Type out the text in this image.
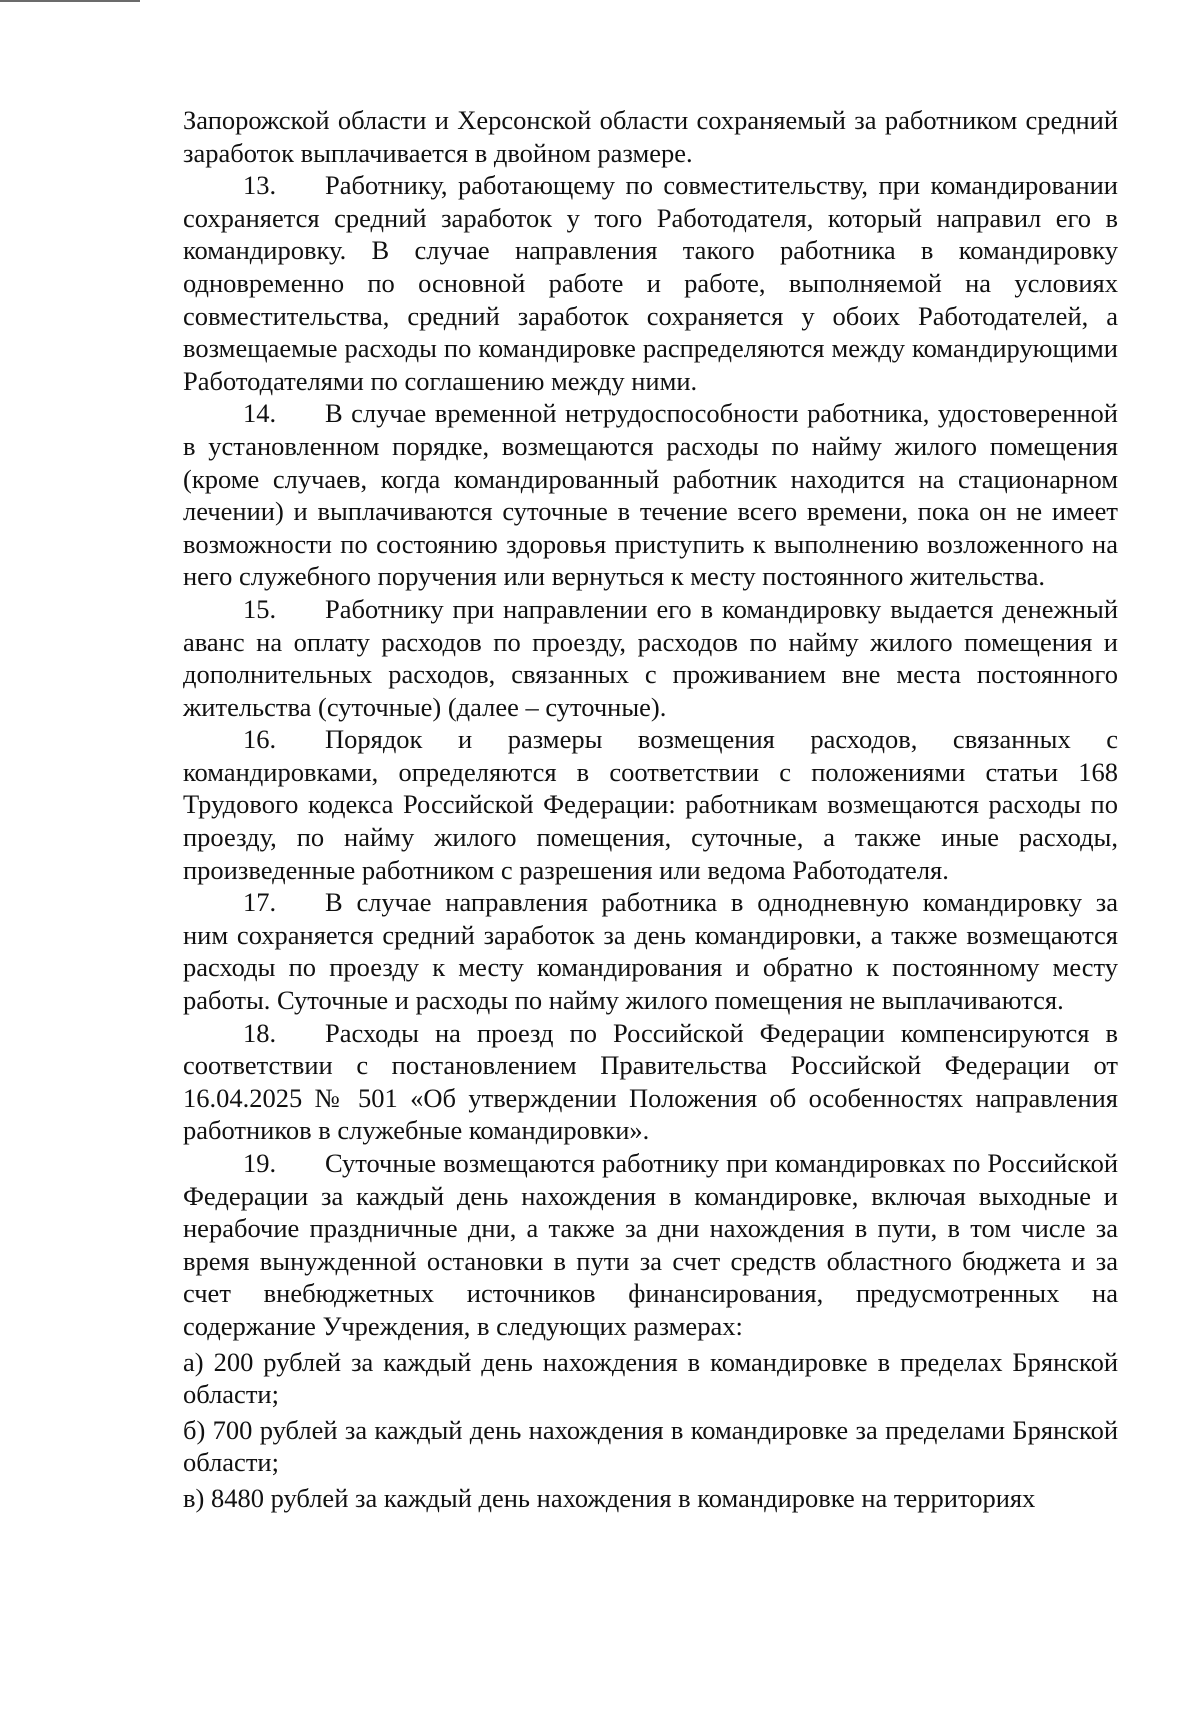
Запорожской области и Херсонской области сохраняемый за работником средний заработок выплачивается в двойном размере.

13. Работнику, работающему по совместительству, при командировании сохраняется средний заработок у того Работодателя, который направил его в командировку. В случае направления такого работника в командировку одновременно по основной работе и работе, выполняемой на условиях совместительства, средний заработок сохраняется у обоих Работодателей, а возмещаемые расходы по командировке распределяются между командирующими Работодателями по соглашению между ними.

14. В случае временной нетрудоспособности работника, удостоверенной в установленном порядке, возмещаются расходы по найму жилого помещения (кроме случаев, когда командированный работник находится на стационарном лечении) и выплачиваются суточные в течение всего времени, пока он не имеет возможности по состоянию здоровья приступить к выполнению возложенного на него служебного поручения или вернуться к месту постоянного жительства.

15. Работнику при направлении его в командировку выдается денежный аванс на оплату расходов по проезду, расходов по найму жилого помещения и дополнительных расходов, связанных с проживанием вне места постоянного жительства (суточные) (далее – суточные).

16. Порядок и размеры возмещения расходов, связанных с командировками, определяются в соответствии с положениями статьи 168 Трудового кодекса Российской Федерации: работникам возмещаются расходы по проезду, по найму жилого помещения, суточные, а также иные расходы, произведенные работником с разрешения или ведома Работодателя.

17. В случае направления работника в однодневную командировку за ним сохраняется средний заработок за день командировки, а также возмещаются расходы по проезду к месту командирования и обратно к постоянному месту работы. Суточные и расходы по найму жилого помещения не выплачиваются.

18. Расходы на проезд по Российской Федерации компенсируются в соответствии с постановлением Правительства Российской Федерации от 16.04.2025 № 501 «Об утверждении Положения об особенностях направления работников в служебные командировки».

19. Суточные возмещаются работнику при командировках по Российской Федерации за каждый день нахождения в командировке, включая выходные и нерабочие праздничные дни, а также за дни нахождения в пути, в том числе за время вынужденной остановки в пути за счет средств областного бюджета и за счет внебюджетных источников финансирования, предусмотренных на содержание Учреждения, в следующих размерах:

а) 200 рублей за каждый день нахождения в командировке в пределах Брянской области;

б) 700 рублей за каждый день нахождения в командировке за пределами Брянской области;

в) 8480 рублей за каждый день нахождения в командировке на территориях
